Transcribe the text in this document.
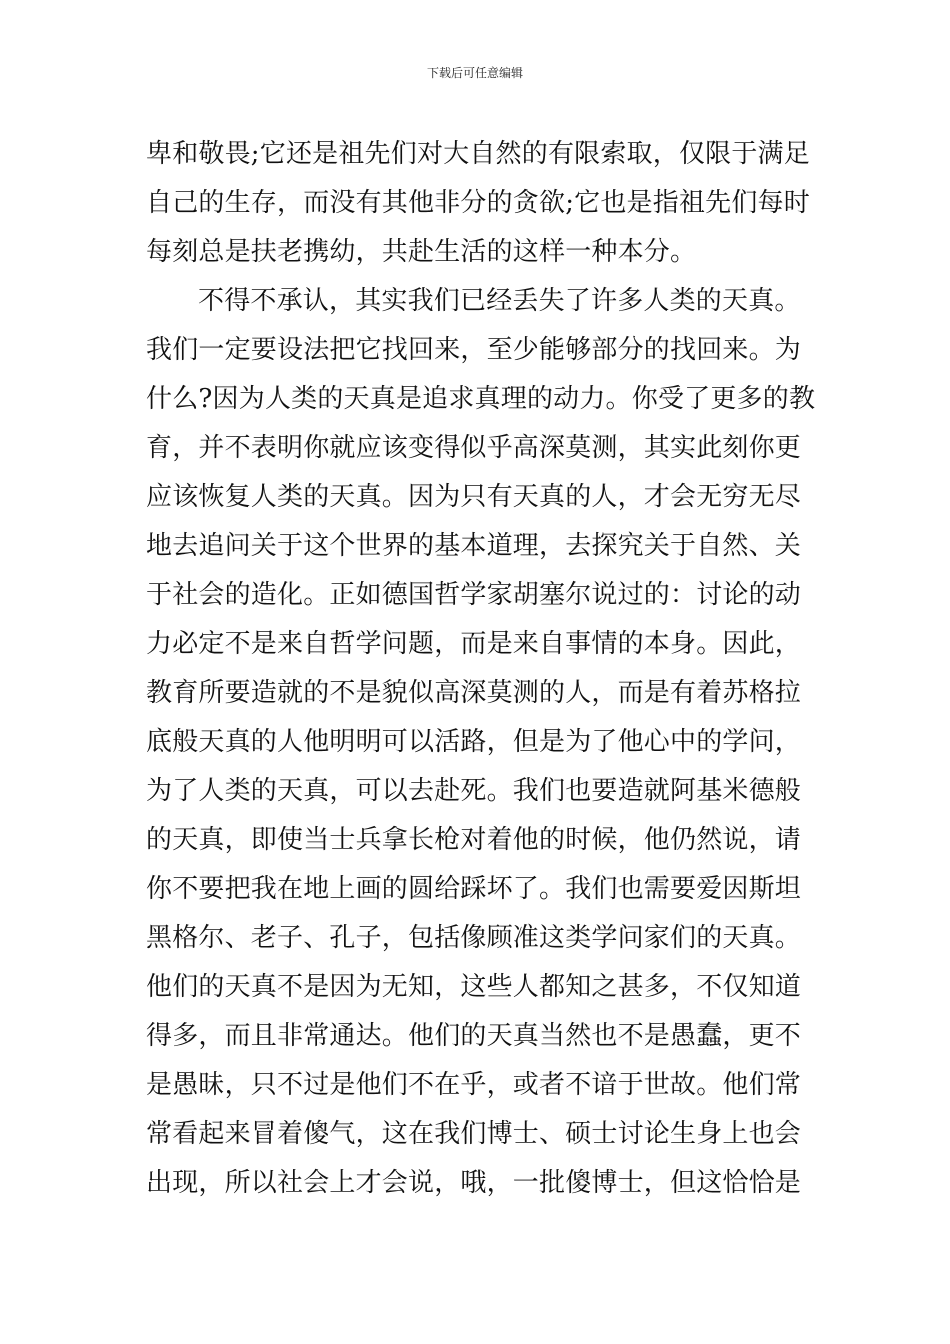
下载后可任意编辑
卑和敬畏;它还是祖先们对大自然的有限索取，仅限于满足
自己的生存，而没有其他非分的贪欲;它也是指祖先们每时
每刻总是扶老携幼，共赴生活的这样一种本分。
不得不承认，其实我们已经丢失了许多人类的天真。
我们一定要设法把它找回来，至少能够部分的找回来。为
什么?因为人类的天真是追求真理的动力。你受了更多的教
育，并不表明你就应该变得似乎高深莫测，其实此刻你更
应该恢复人类的天真。因为只有天真的人，才会无穷无尽
地去追问关于这个世界的基本道理，去探究关于自然、关
于社会的造化。正如德国哲学家胡塞尔说过的：讨论的动
力必定不是来自哲学问题，而是来自事情的本身。因此，
教育所要造就的不是貌似高深莫测的人，而是有着苏格拉
底般天真的人他明明可以活路，但是为了他心中的学问，
为了人类的天真，可以去赴死。我们也要造就阿基米德般
的天真，即使当士兵拿长枪对着他的时候，他仍然说，请
你不要把我在地上画的圆给踩坏了。我们也需要爱因斯坦
黑格尔、老子、孔子，包括像顾准这类学问家们的天真。
他们的天真不是因为无知，这些人都知之甚多，不仅知道
得多，而且非常通达。他们的天真当然也不是愚蠢，更不
是愚昧，只不过是他们不在乎，或者不谙于世故。他们常
常看起来冒着傻气，这在我们博士、硕士讨论生身上也会
出现，所以社会上才会说，哦，一批傻博士，但这恰恰是
